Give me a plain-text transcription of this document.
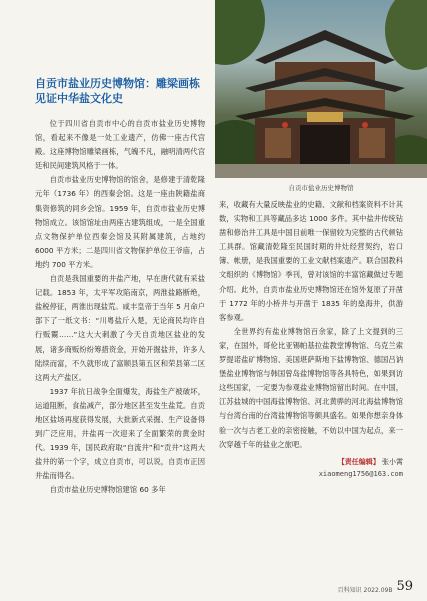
自贡市盐业历史博物馆
自贡市盐业历史博物馆：雕梁画栋见证中华盐文化史

位于四川省自贡市中心的自贡市盐业历史博物馆，看起来不像是一处工业遗产，仿佛一座古代宫殿。这座博物馆雕梁画栋，气魄不凡，融明清两代宫廷和民间建筑风格于一体。

自贡市盐业历史博物馆的馆舍，是修建于清乾隆元年（1736 年）的西秦会馆。这是一座由陕籍盐商集资修筑的同乡会馆。1959 年，自贡市盐业历史博物馆成立。该馆馆址由两座古建筑组成，一是全国重点文物保护单位西秦会馆及其附属建筑，占地约 6000 平方米；二是四川省文物保护单位王爷庙，占地约 700 平方米。

自贡是我国重要的井盐产地，早在唐代就有采盐记载。1853 年，太平军攻陷南京，两淮盐路断绝，盐税停征，两淮出现盐荒。咸丰皇帝于当年 5 月命户部下了一纸文书：“川粤盐斤入楚，无论商民均许自行贩鬻……”这大大刺激了今天自贡地区盐业的发展，诸多商贩纷纷筹措资金，开始开掘盐井，许多人陆续而富，不久就形成了富顺县第五区和荣县第二区这两大产盐区。

1937 年抗日战争全面爆发，海盐生产被破坏，运道阻断，食盐减产，部分地区甚至发生盐荒。自贡地区盐场再度获得发展，大批新式采掘、生产设备得到广泛应用，井盐再一次迎来了全面繁荣的黄金时代。1939 年，国民政府取“自流井”和“贡井”这两大盐井的第一个字，成立自贡市，可以说，自贡市正因井盐而得名。

自贡市盐业历史博物馆建馆 60 多年

来，收藏有大量反映盐业的史籍、文献和档案资料不计其数，实物和工具等藏品多达 1000 多件。其中盐井传统钻凿和修治井工具是中国目前唯一保留较为完整的古代顿钻工具群。馆藏清乾隆至民国时期的井灶经营契约，岩口簿、帐册，是我国重要的工业文献档案遗产。联合国教科文组织的《博物馆》季刊，曾对该馆的丰富馆藏做过专题介绍。此外，自贡市盐业历史博物馆还在馆外复原了开凿于 1772 年的小桥井与开凿于 1835 年的燊海井，供游客参观。

全世界约有盐业博物馆百余家，除了上文提到的三家，在国外，哥伦比亚锡帕基拉盐教堂博物馆、乌克兰索罗提诺盐矿博物馆、美国堪萨斯地下盐博物馆、德国吕讷堡盐业博物馆与韩国曾岛盐博物馆等各具特色，如果到访这些国家，一定要为参观盐业博物馆留出时间。在中国，江苏盐城的中国海盐博物馆、河北黄骅的河北海盐博物馆与台湾台南的台湾盐博物馆等颇具盛名。如果你想亲身体验一次与古老工业的亲密接触，不妨以中国为起点，来一次穿越千年的盐业之旅吧。

【责任编辑】 张小霄
xiaomeng1756@163.com
百科知识 2022.09B 59
